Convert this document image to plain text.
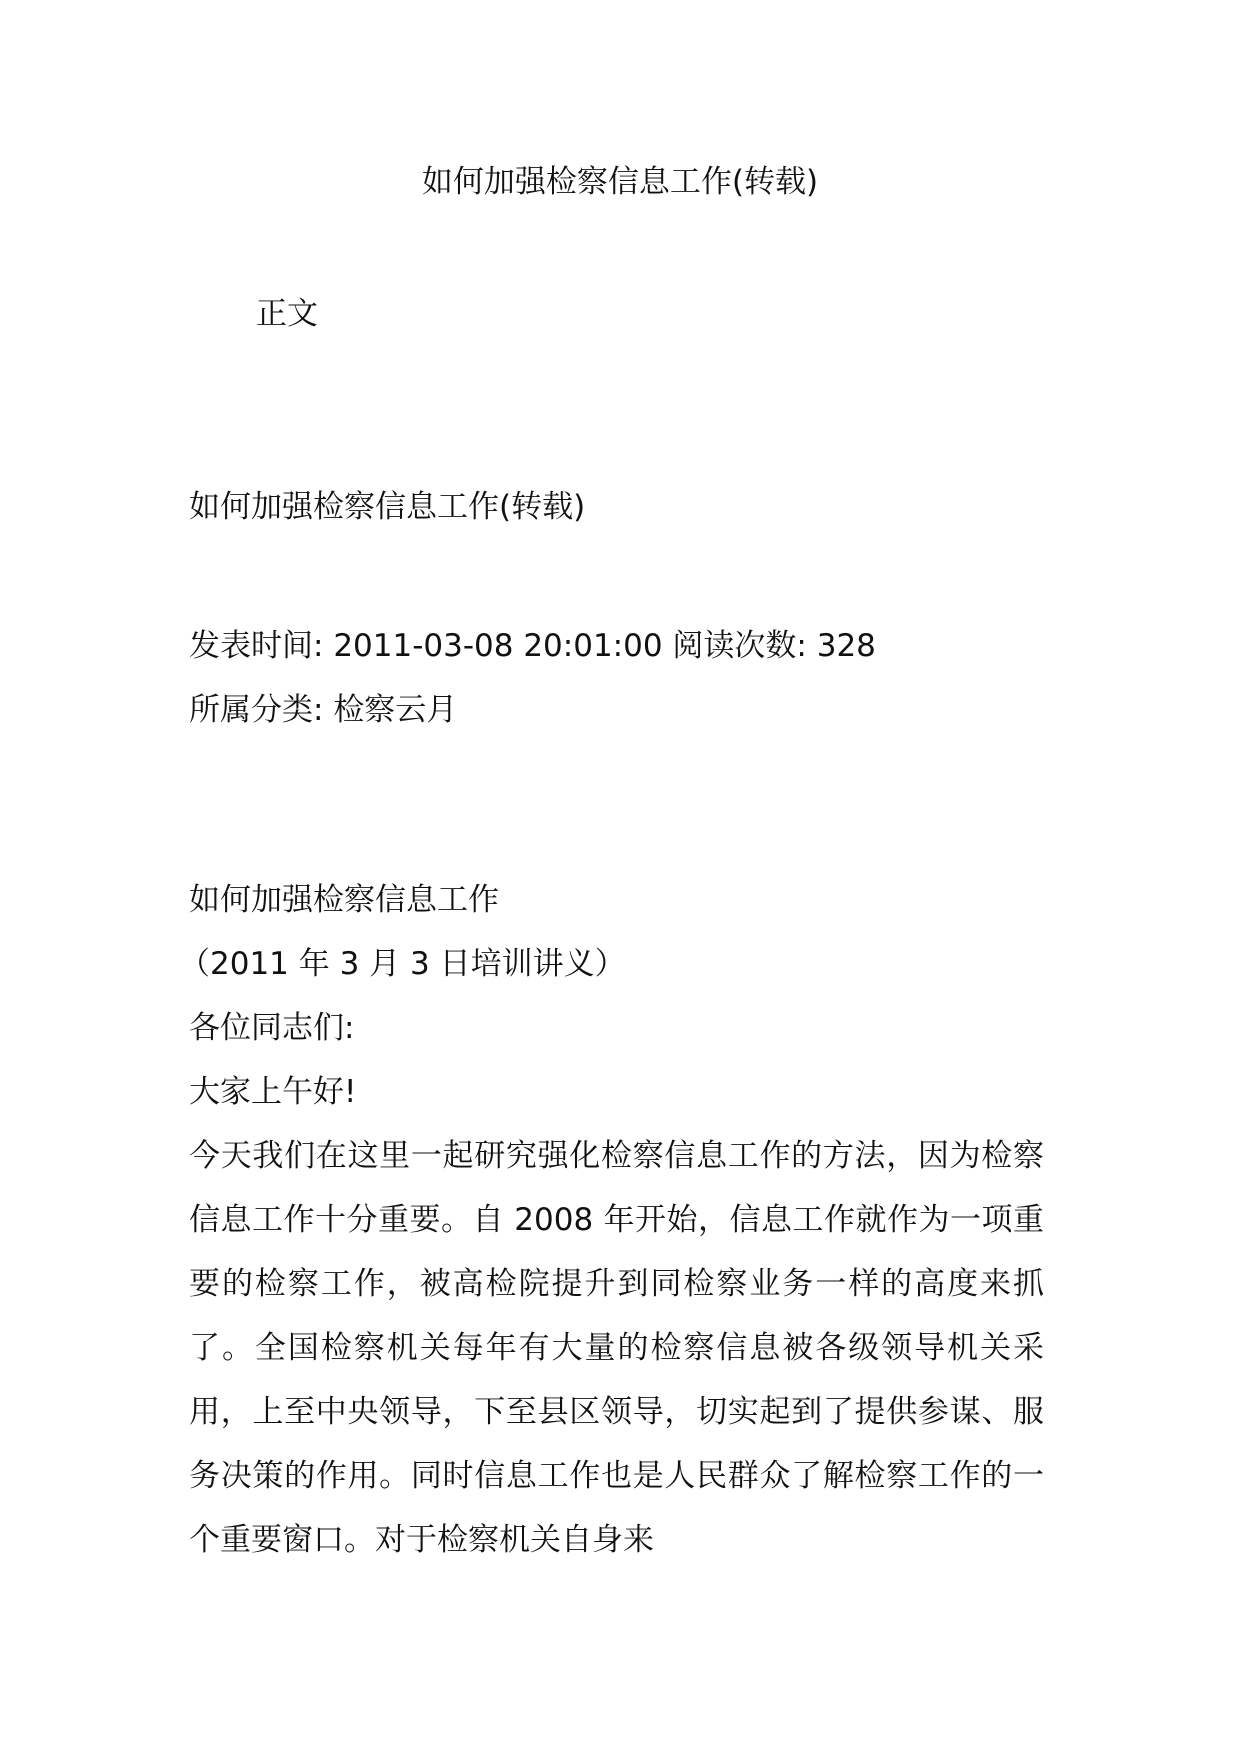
如何加强检察信息工作(转载)
正文
如何加强检察信息工作(转载)

发表时间: 2011-03-08 20:01:00 阅读次数: 328 所属分类: 检察云月

如何加强检察信息工作
（2011 年 3 月 3 日培训讲义）
各位同志们:
大家上午好!
今天我们在这里一起研究强化检察信息工作的方法，因为检察信息工作十分重要。自 2008 年开始，信息工作就作为一项重要的检察工作，被高检院提升到同检察业务一样的高度来抓了。全国检察机关每年有大量的检察信息被各级领导机关采用，上至中央领导，下至县区领导，切实起到了提供参谋、服务决策的作用。同时信息工作也是人民群众了解检察工作的一个重要窗口。对于检察机关自身来
